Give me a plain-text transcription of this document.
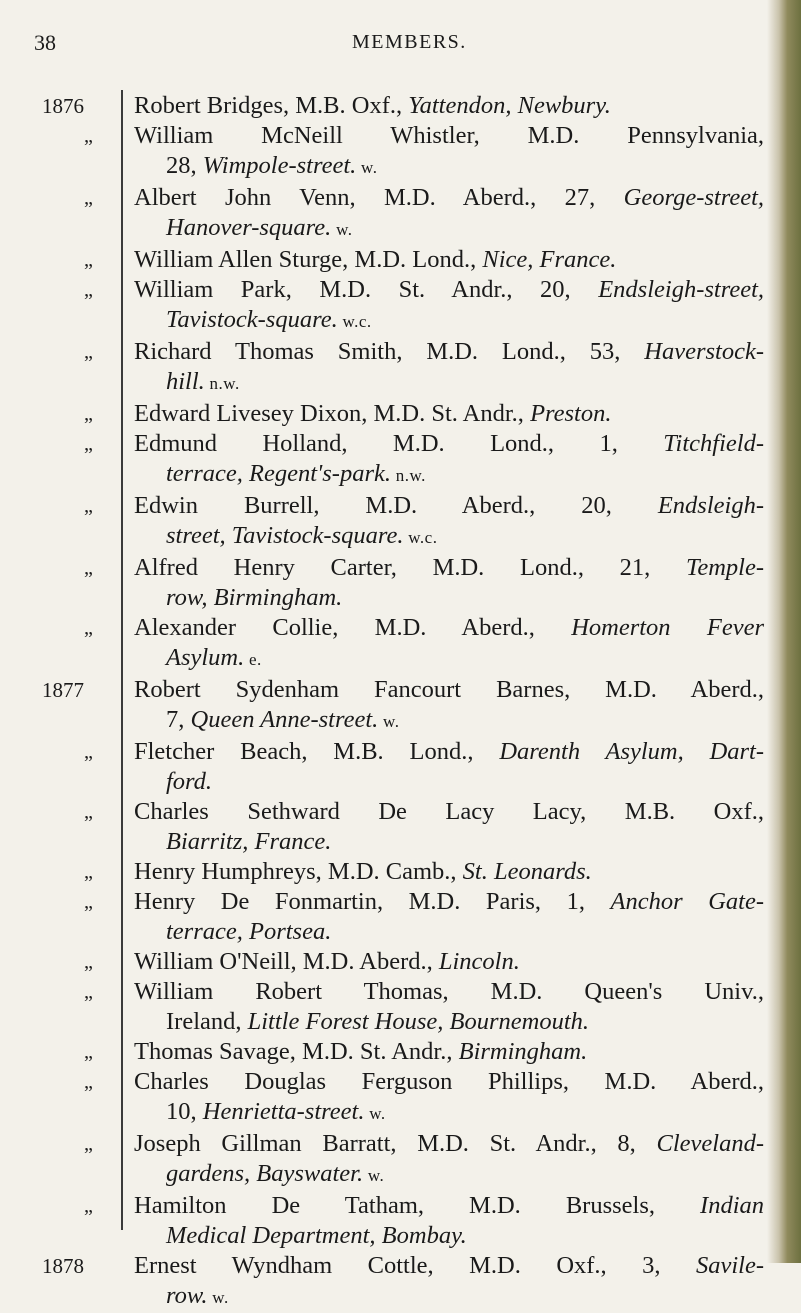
38	MEMBERS.
1876	Robert Bridges, M.B. Oxf., Yattendon, Newbury.
„	William McNeill Whistler, M.D. Pennsylvania,
28, Wimpole-street. w.
„	Albert John Venn, M.D. Aberd., 27, George-street,
Hanover-square. w.
„	William Allen Sturge, M.D. Lond., Nice, France.
„	William Park, M.D. St. Andr., 20, Endsleigh-street,
Tavistock-square. w.c.
„	Richard Thomas Smith, M.D. Lond., 53, Haverstock-
hill. n.w.
„	Edward Livesey Dixon, M.D. St. Andr., Preston.
„	Edmund Holland, M.D. Lond., 1, Titchfield-
terrace, Regent's-park. n.w.
„	Edwin Burrell, M.D. Aberd., 20, Endsleigh-
street, Tavistock-square. w.c.
„	Alfred Henry Carter, M.D. Lond., 21, Temple-
row, Birmingham.
„	Alexander Collie, M.D. Aberd., Homerton Fever
Asylum. e.
1877	Robert Sydenham Fancourt Barnes, M.D. Aberd.,
7, Queen Anne-street. w.
„	Fletcher Beach, M.B. Lond., Darenth Asylum, Dart-
ford.
„	Charles Sethward De Lacy Lacy, M.B. Oxf.,
Biarritz, France.
„	Henry Humphreys, M.D. Camb., St. Leonards.
„	Henry De Fonmartin, M.D. Paris, 1, Anchor Gate-
terrace, Portsea.
„	William O'Neill, M.D. Aberd., Lincoln.
„	William Robert Thomas, M.D. Queen's Univ.,
Ireland, Little Forest House, Bournemouth.
„	Thomas Savage, M.D. St. Andr., Birmingham.
„	Charles Douglas Ferguson Phillips, M.D. Aberd.,
10, Henrietta-street. w.
„	Joseph Gillman Barratt, M.D. St. Andr., 8, Cleveland-
gardens, Bayswater. w.
„	Hamilton De Tatham, M.D. Brussels, Indian
Medical Department, Bombay.
1878	Ernest Wyndham Cottle, M.D. Oxf., 3, Savile-
row. w.
